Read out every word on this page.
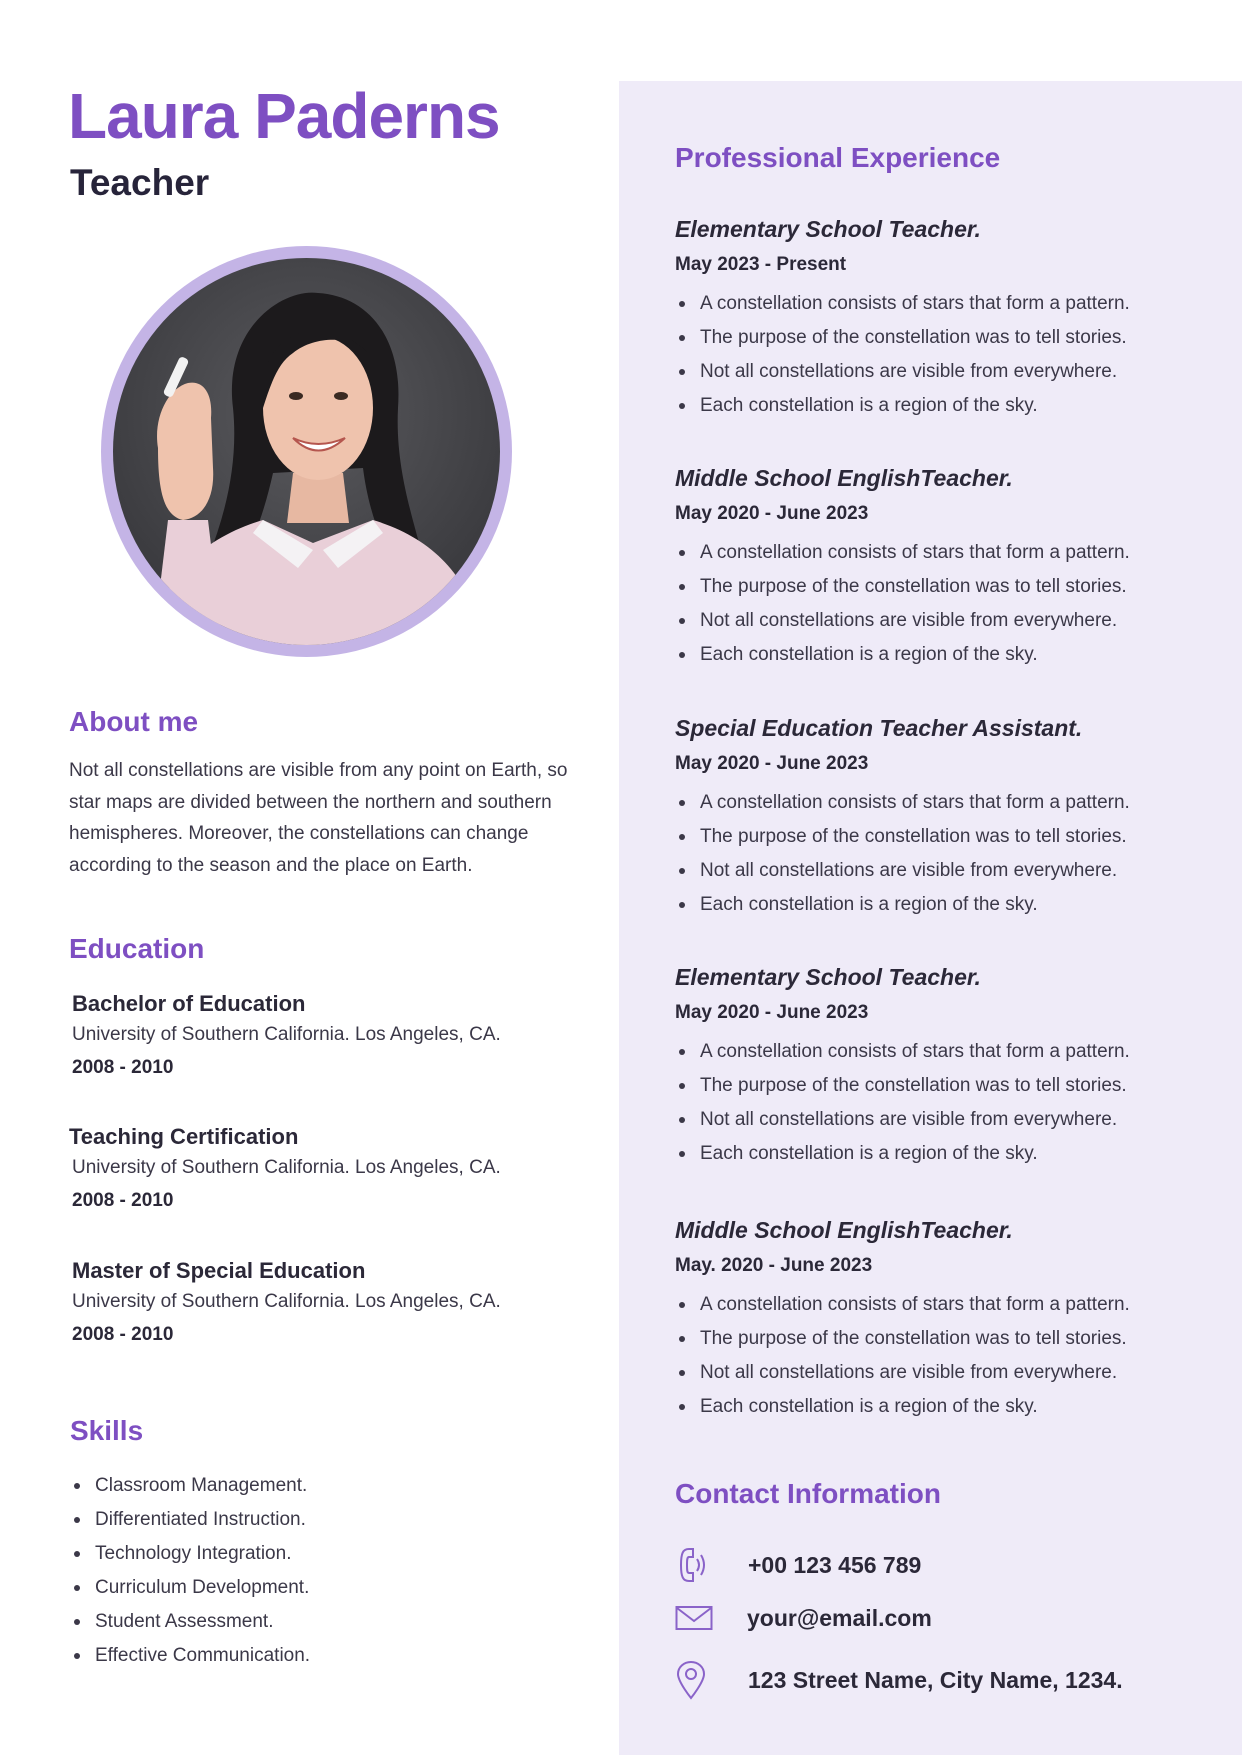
Laura Paderns
Teacher
About me
Not all constellations are visible from any point on Earth, so star maps are divided between the northern and southern hemispheres. Moreover, the constellations can change according to the season and the place on Earth.
Education
Bachelor of Education
University of Southern California. Los Angeles, CA.
2008 - 2010
Teaching Certification
University of Southern California. Los Angeles, CA.
2008 - 2010
Master of Special Education
University of Southern California. Los Angeles, CA.
2008 - 2010
Skills
Classroom Management.
Differentiated Instruction.
Technology Integration.
Curriculum Development.
Student Assessment.
Effective Communication.
Professional Experience
Elementary School Teacher.
May 2023 - Present
A constellation consists of stars that form a pattern.
The purpose of the constellation was to tell stories.
Not all constellations are visible from everywhere.
Each constellation is a region of the sky.
Middle School EnglishTeacher.
May 2020 - June 2023
A constellation consists of stars that form a pattern.
The purpose of the constellation was to tell stories.
Not all constellations are visible from everywhere.
Each constellation is a region of the sky.
Special Education Teacher Assistant.
May 2020 - June 2023
A constellation consists of stars that form a pattern.
The purpose of the constellation was to tell stories.
Not all constellations are visible from everywhere.
Each constellation is a region of the sky.
Elementary School Teacher.
May 2020 - June 2023
A constellation consists of stars that form a pattern.
The purpose of the constellation was to tell stories.
Not all constellations are visible from everywhere.
Each constellation is a region of the sky.
Middle School EnglishTeacher.
May. 2020 - June 2023
A constellation consists of stars that form a pattern.
The purpose of the constellation was to tell stories.
Not all constellations are visible from everywhere.
Each constellation is a region of the sky.
Contact Information
+00 123 456 789
your@email.com
123 Street Name, City Name, 1234.
